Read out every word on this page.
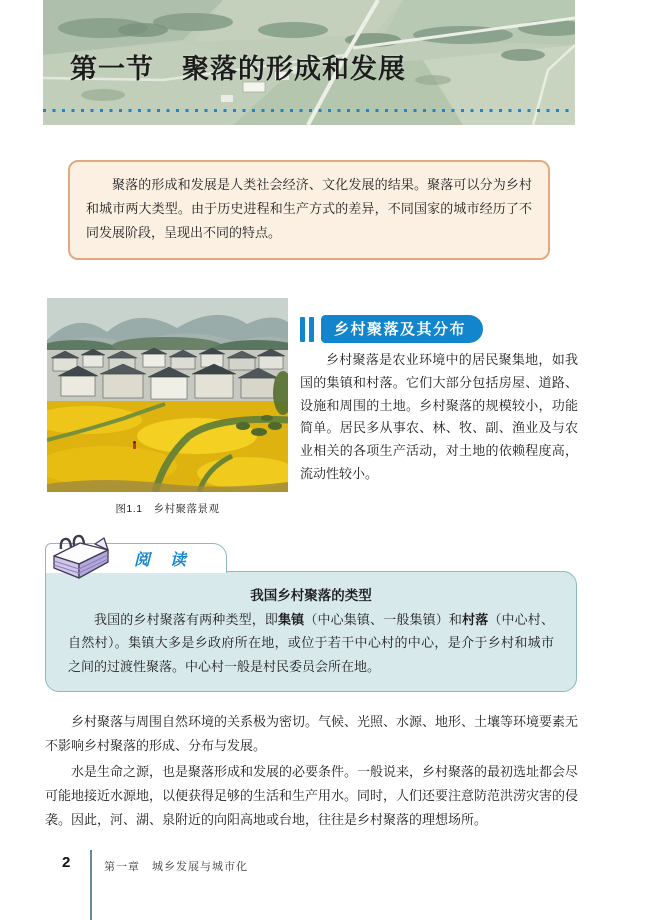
第一节　聚落的形成和发展

聚落的形成和发展是人类社会经济、文化发展的结果。聚落可以分为乡村和城市两大类型。由于历史进程和生产方式的差异，不同国家的城市经历了不同发展阶段，呈现出不同的特点。

图1.1　乡村聚落景观
乡村聚落及其分布

乡村聚落是农业环境中的居民聚集地，如我国的集镇和村落。它们大部分包括房屋、道路、设施和周围的土地。乡村聚落的规模较小，功能简单。居民多从事农、林、牧、副、渔业及与农业相关的各项生产活动，对土地的依赖程度高，流动性较小。

阅　读

我国乡村聚落的类型

我国的乡村聚落有两种类型，即集镇（中心集镇、一般集镇）和村落（中心村、自然村）。集镇大多是乡政府所在地，或位于若干中心村的中心，是介于乡村和城市之间的过渡性聚落。中心村一般是村民委员会所在地。

乡村聚落与周围自然环境的关系极为密切。气候、光照、水源、地形、土壤等环境要素无不影响乡村聚落的形成、分布与发展。

水是生命之源，也是聚落形成和发展的必要条件。一般说来，乡村聚落的最初选址都会尽可能地接近水源地，以便获得足够的生活和生产用水。同时，人们还要注意防范洪涝灾害的侵袭。因此，河、湖、泉附近的向阳高地或台地，往往是乡村聚落的理想场所。

2	第一章　城乡发展与城市化
